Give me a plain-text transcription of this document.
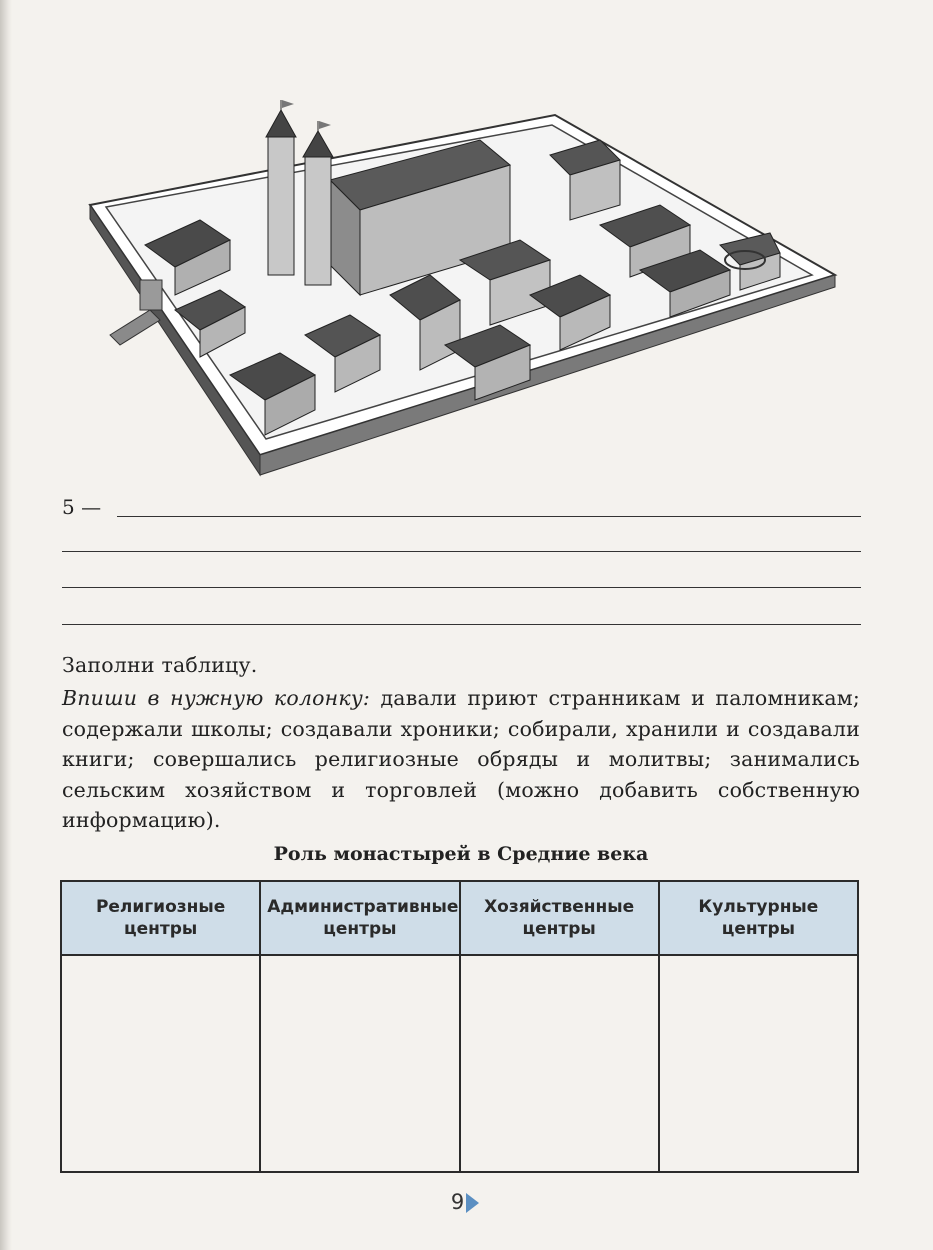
5 —
Заполни таблицу.
Впиши в нужную колонку: давали приют странникам и паломникам; содержали школы; создавали хроники; собирали, хранили и создавали книги; совершались религиозные обряды и молитвы; занимались сельским хозяйством и торговлей (можно добавить собственную информацию).
Роль монастырей в Средние века
Религиозные центры	Административные центры	Хозяйственные центры	Культурные центры

9
